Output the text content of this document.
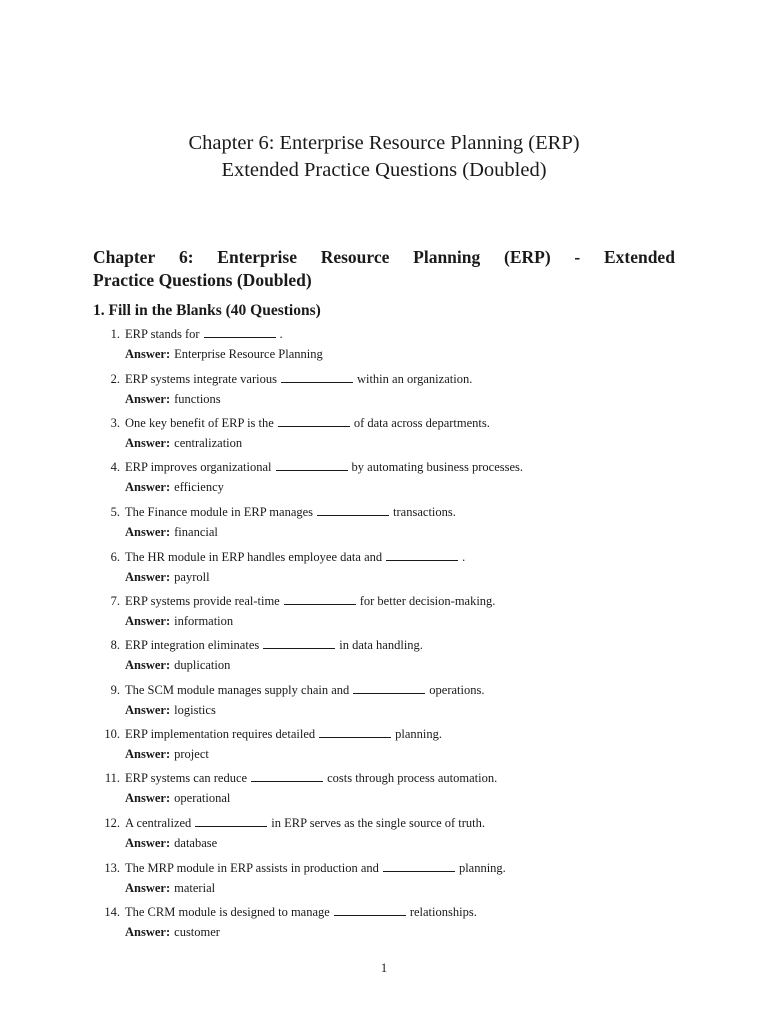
Chapter 6: Enterprise Resource Planning (ERP)
Extended Practice Questions (Doubled)
Chapter 6: Enterprise Resource Planning (ERP) - Extended
Practice Questions (Doubled)
1. Fill in the Blanks (40 Questions)
1. ERP stands for	.
Answer: Enterprise Resource Planning
2. ERP systems integrate various	within an organization.
Answer: functions
3. One key benefit of ERP is the	of data across departments.
Answer: centralization
4. ERP improves organizational	by automating business processes.
Answer: efficiency
5. The Finance module in ERP manages	transactions.
Answer: financial
6. The HR module in ERP handles employee data and	.
Answer: payroll
7. ERP systems provide real-time	for better decision-making.
Answer: information
8. ERP integration eliminates	in data handling.
Answer: duplication
9. The SCM module manages supply chain and	operations.
Answer: logistics
10. ERP implementation requires detailed	planning.
Answer: project
11. ERP systems can reduce	costs through process automation.
Answer: operational
12. A centralized	in ERP serves as the single source of truth.
Answer: database
13. The MRP module in ERP assists in production and	planning.
Answer: material
14. The CRM module is designed to manage	relationships.
Answer: customer
1
